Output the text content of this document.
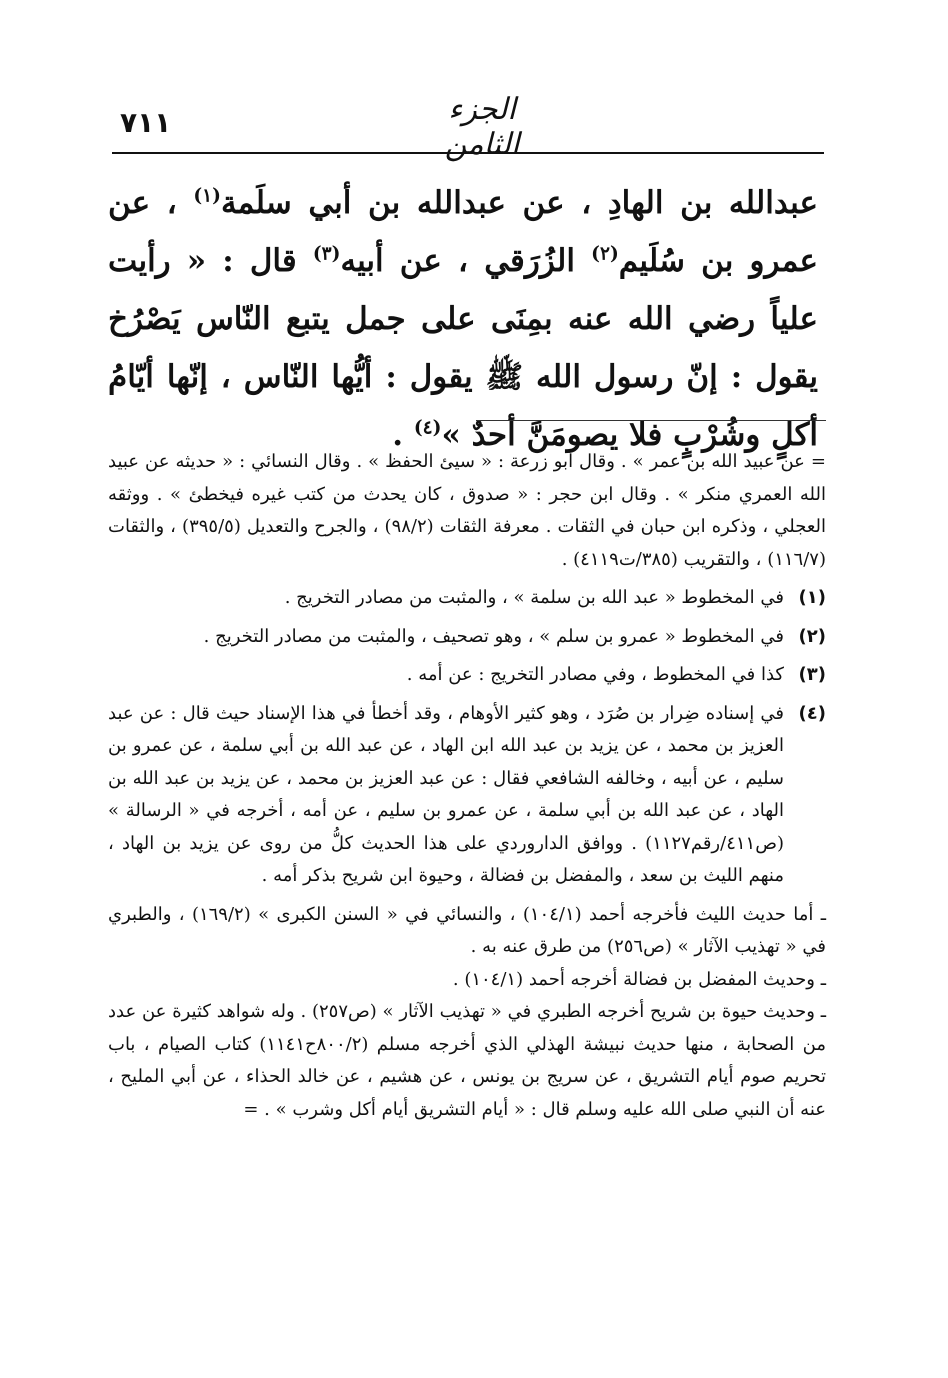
٧١١	الجزء الثامن

عبدالله بن الهادِ ، عن عبدالله بن أبي سلَمة$^{(١)}$ ، عن عمرو بن سُلَيم$^{(٢)}$ الزُرَقي ، عن أبيه$^{(٣)}$ قال : « رأيت علياً رضي الله عنه بمِنَى على جمل يتبع النّاس يَصْرُخ يقول : إنّ رسول الله ﷺ يقول : أيُّها النّاس ، إنّها أيّامُ أكلٍ وشُرْبٍ فلا يصومَنَّ أحدٌ »$^{(٤)}$ .

= عن عبيد الله بن عمر » . وقال أبو زرعة : « سيئ الحفظ » . وقال النسائي : « حديثه عن عبيد الله العمري منكر » . وقال ابن حجر : « صدوق ، كان يحدث من كتب غيره فيخطئ » . ووثقه العجلي ، وذكره ابن حبان في الثقات . معرفة الثقات (٩٨/٢) ، والجرح والتعديل (٣٩٥/٥) ، والثقات (١١٦/٧) ، والتقريب (٣٨٥/ت٤١١٩) .

(١)
في المخطوط « عبد الله بن سلمة » ، والمثبت من مصادر التخريج .
(٢)
في المخطوط « عمرو بن سلم » ، وهو تصحيف ، والمثبت من مصادر التخريج .
(٣)
كذا في المخطوط ، وفي مصادر التخريج : عن أمه .
(٤)
في إسناده ضِرار بن صُرَد ، وهو كثير الأوهام ، وقد أخطأ في هذا الإسناد حيث قال : عن عبد العزيز بن محمد ، عن يزيد بن عبد الله ابن الهاد ، عن عبد الله بن أبي سلمة ، عن عمرو بن سليم ، عن أبيه ، وخالفه الشافعي فقال : عن عبد العزيز بن محمد ، عن يزيد بن عبد الله بن الهاد ، عن عبد الله بن أبي سلمة ، عن عمرو بن سليم ، عن أمه ، أخرجه في « الرسالة » (ص٤١١/رقم١١٢٧) . ووافق الداروردي على هذا الحديث كلُّ من روى عن يزيد بن الهاد ، منهم الليث بن سعد ، والمفضل بن فضالة ، وحيوة ابن شريح بذكر أمه .

ـ أما حديث الليث فأخرجه أحمد (١٠٤/١) ، والنسائي في « السنن الكبرى » (١٦٩/٢) ، والطبري في « تهذيب الآثار » (ص٢٥٦) من طرق عنه به .

ـ وحديث المفضل بن فضالة أخرجه أحمد (١٠٤/١) .

ـ وحديث حيوة بن شريح أخرجه الطبري في « تهذيب الآثار » (ص٢٥٧) . وله شواهد كثيرة عن عدد من الصحابة ، منها حديث نبيشة الهذلي الذي أخرجه مسلم (٨٠٠/٢ح١١٤١) كتاب الصيام ، باب تحريم صوم أيام التشريق ، عن سريج بن يونس ، عن هشيم ، عن خالد الحذاء ، عن أبي المليح ، عنه أن النبي صلى الله عليه وسلم قال : « أيام التشريق أيام أكل وشرب » . =
